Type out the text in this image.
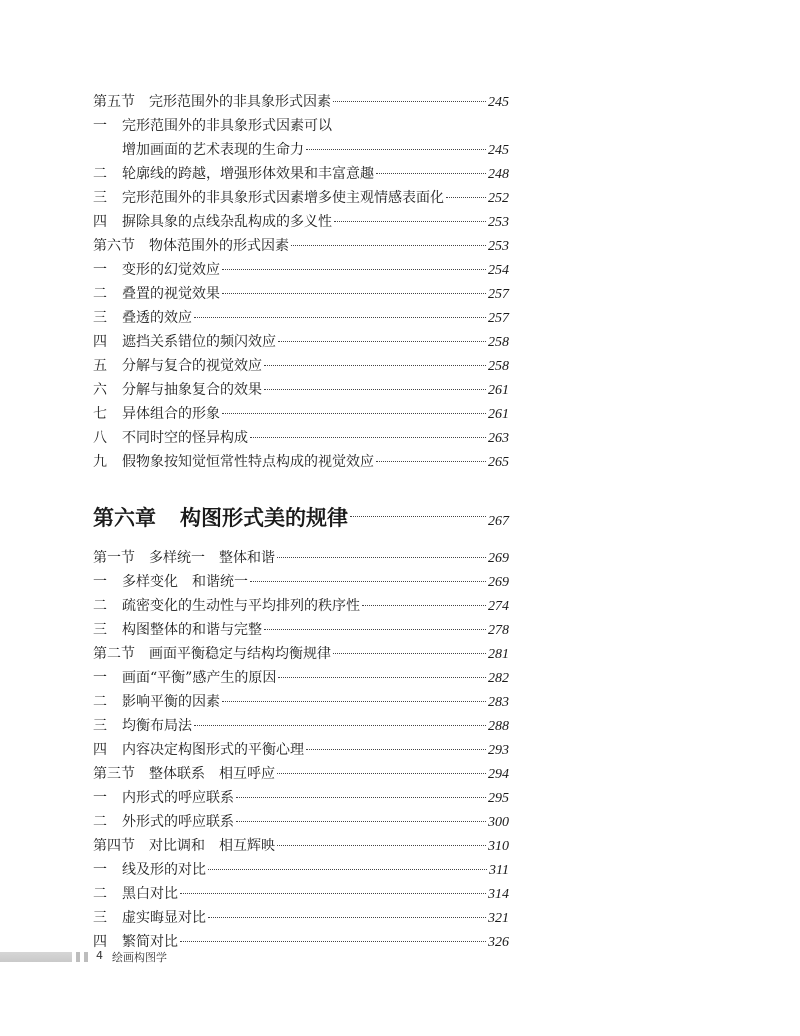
第五节 完形范围外的非具象形式因素	245
一	完形范围外的非具象形式因素可以
增加画面的艺术表现的生命力	245
二	轮廓线的跨越，增强形体效果和丰富意趣	248
三	完形范围外的非具象形式因素增多使主观情感表面化	252
四	摒除具象的点线杂乱构成的多义性	253
第六节 物体范围外的形式因素	253
一	变形的幻觉效应	254
二	叠置的视觉效果	257
三	叠透的效应	257
四	遮挡关系错位的频闪效应	258
五	分解与复合的视觉效应	258
六	分解与抽象复合的效果	261
七	异体组合的形象	261
八	不同时空的怪异构成	263
九	假物象按知觉恒常性特点构成的视觉效应	265
第六章 构图形式美的规律	267
第一节 多样统一　整体和谐	269
一	多样变化　和谐统一	269
二	疏密变化的生动性与平均排列的秩序性	274
三	构图整体的和谐与完整	278
第二节 画面平衡稳定与结构均衡规律	281
一	画面“平衡”感产生的原因	282
二	影响平衡的因素	283
三	均衡布局法	288
四	内容决定构图形式的平衡心理	293
第三节 整体联系　相互呼应	294
一	内形式的呼应联系	295
二	外形式的呼应联系	300
第四节 对比调和　相互辉映	310
一	线及形的对比	311
二	黑白对比	314
三	虚实晦显对比	321
四	繁简对比	326
4 绘画构图学
